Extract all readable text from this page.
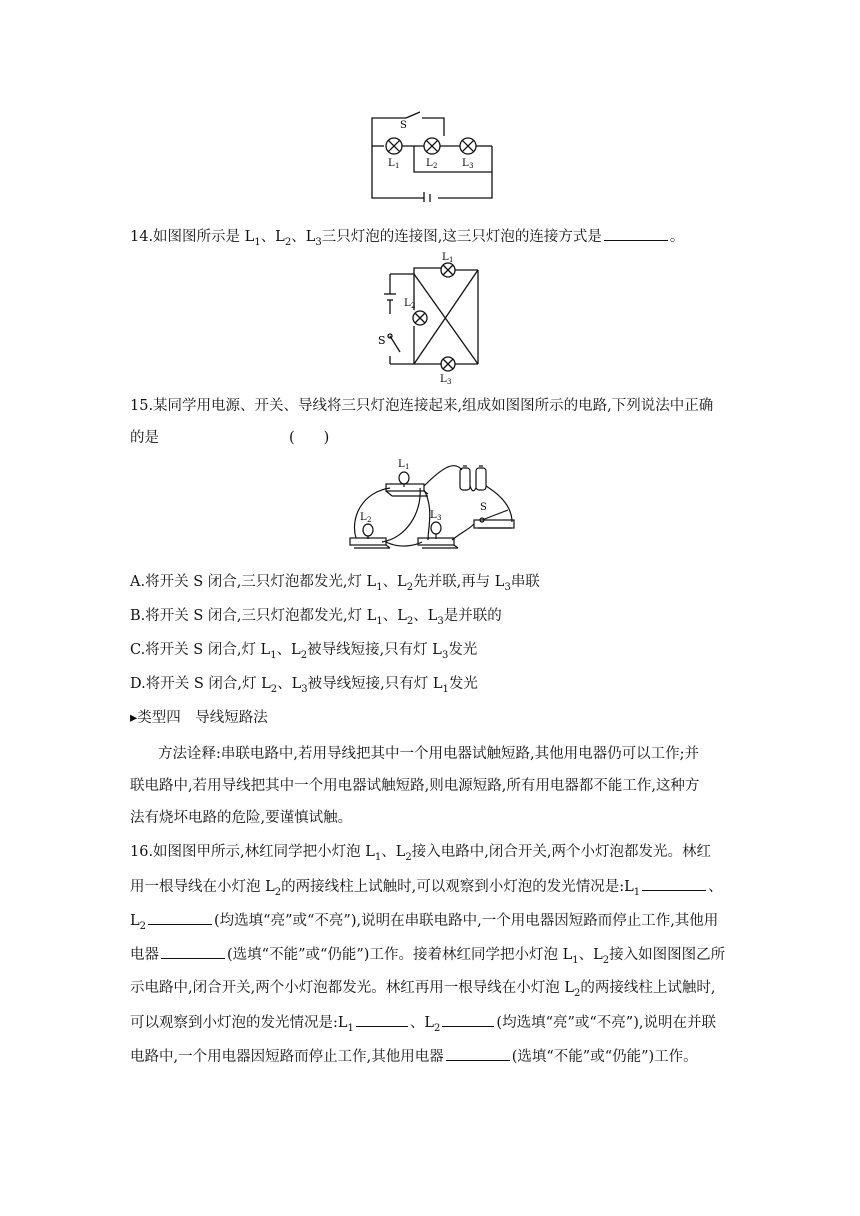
S
L 1	L 2 L 3
14.如图图所示是 $L_1$、$L_2$、$L_3$三只灯泡的连接图,这三只灯泡的连接方式是	。
L 1
L 2
S
L 3
15.某同学用电源、开关、导线将三只灯泡连接起来,组成如图图所示的电路,下列说法中正确
的是	(　　)
L 1
L 2	L 3
S
A.将开关 S 闭合,三只灯泡都发光,灯 $L_1$、$L_2$先并联,再与 $L_3$串联
B.将开关 S 闭合,三只灯泡都发光,灯 $L_1$、$L_2$、$L_3$是并联的
C.将开关 S 闭合,灯 $L_1$、$L_2$被导线短接,只有灯 $L_3$发光
D.将开关 S 闭合,灯 $L_2$、$L_3$被导线短接,只有灯 $L_1$发光
▸类型四　导线短路法
方法诠释:串联电路中,若用导线把其中一个用电器试触短路,其他用电器仍可以工作;并
联电路中,若用导线把其中一个用电器试触短路,则电源短路,所有用电器都不能工作,这种方
法有烧坏电路的危险,要谨慎试触。
16.如图图甲所示,林红同学把小灯泡 $L_1$、$L_2$接入电路中,闭合开关,两个小灯泡都发光。林红
用一根导线在小灯泡 $L_2$的两接线柱上试触时,可以观察到小灯泡的发光情况是$:L_1$	、
$L_2$	(均选填“亮”或“不亮”),说明在串联电路中,一个用电器因短路而停止工作,其他用
电器	(选填“不能”或“仍能”)工作。接着林红同学把小灯泡 $L_1$、$L_2$接入如图图图乙所
示电路中,闭合开关,两个小灯泡都发光。林红再用一根导线在小灯泡 $L_2$的两接线柱上试触时,
可以观察到小灯泡的发光情况是$:L_1$	、$L_2$	(均选填“亮”或“不亮”),说明在并联
电路中,一个用电器因短路而停止工作,其他用电器	(选填“不能”或“仍能”)工作。
